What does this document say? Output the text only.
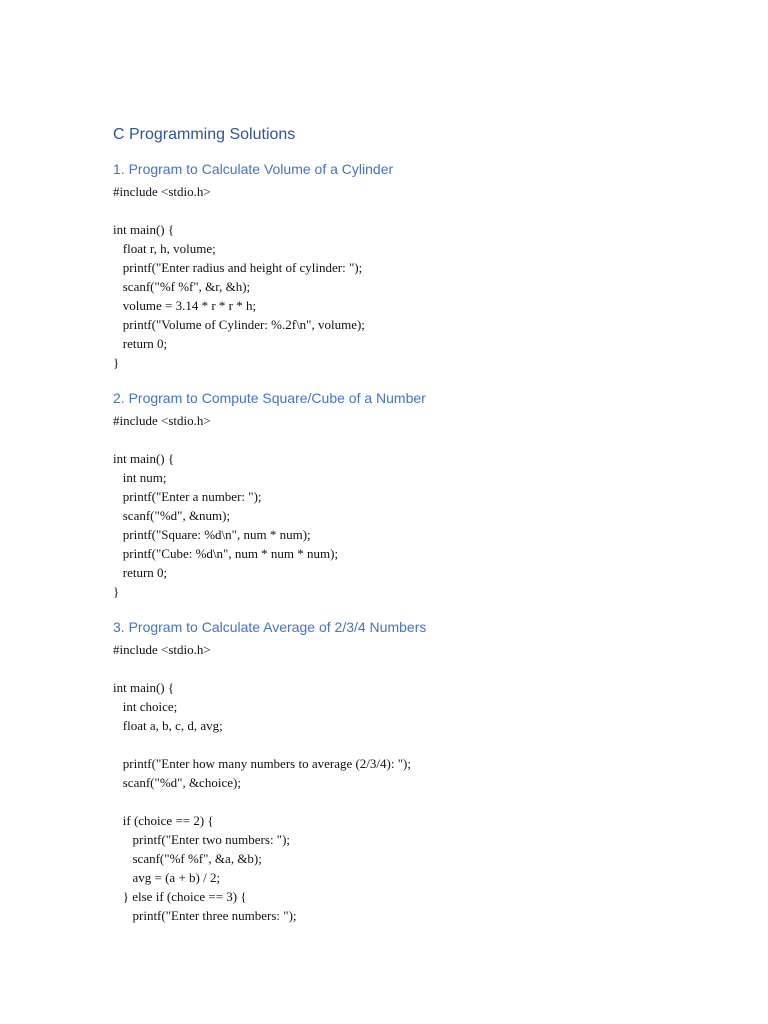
C Programming Solutions
1. Program to Calculate Volume of a Cylinder
#include <stdio.h>
int main() {
float r, h, volume;
printf("Enter radius and height of cylinder: ");
scanf("%f %f", &r, &h);
volume = 3.14 * r * r * h;
printf("Volume of Cylinder: %.2f\n", volume);
return 0;
}
2. Program to Compute Square/Cube of a Number
#include <stdio.h>
int main() {
int num;
printf("Enter a number: ");
scanf("%d", &num);
printf("Square: %d\n", num * num);
printf("Cube: %d\n", num * num * num);
return 0;
}
3. Program to Calculate Average of 2/3/4 Numbers
#include <stdio.h>
int main() {
int choice;
float a, b, c, d, avg;
printf("Enter how many numbers to average (2/3/4): ");
scanf("%d", &choice);
if (choice == 2) {
printf("Enter two numbers: ");
scanf("%f %f", &a, &b);
avg = (a + b) / 2;
} else if (choice == 3) {
printf("Enter three numbers: ");
